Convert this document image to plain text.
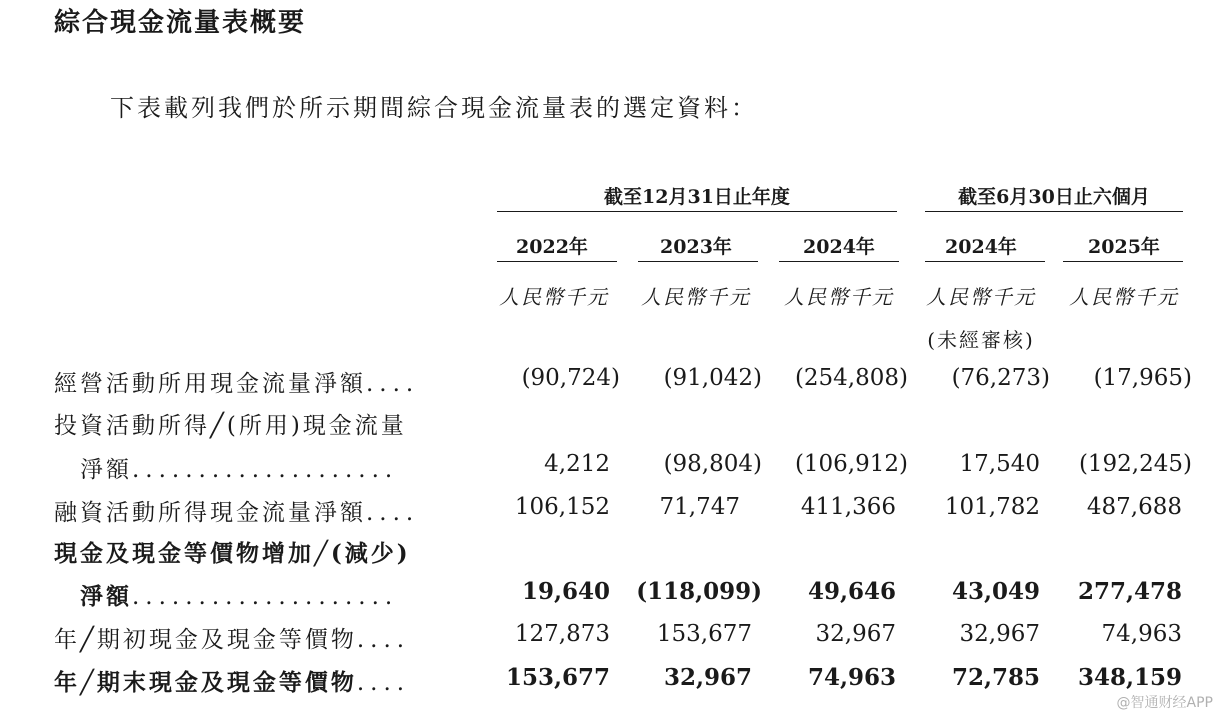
綜合現金流量表概要
下表載列我們於所示期間綜合現金流量表的選定資料：
截至12月31日止年度	截至6月30日止六個月
2022年	2023年	2024年	2024年	2025年
人民幣千元	人民幣千元	人民幣千元	人民幣千元	人民幣千元
(未經審核)
經營活動所用現金流量淨額....	(90,724)	(91,042)	(254,808)	(76,273)	(17,965)
投資活動所得╱(所用)現金流量
淨額....................	4,212	(98,804)	(106,912)	17,540	(192,245)
融資活動所得現金流量淨額....	106,152	71,747	411,366	101,782	487,688
現金及現金等價物增加╱(減少)
淨額....................	19,640	(118,099)	49,646	43,049	277,478
年╱期初現金及現金等價物....	127,873	153,677	32,967	32,967	74,963
年╱期末現金及現金等價物....	153,677	32,967	74,963	72,785	348,159
@智通财经APP
